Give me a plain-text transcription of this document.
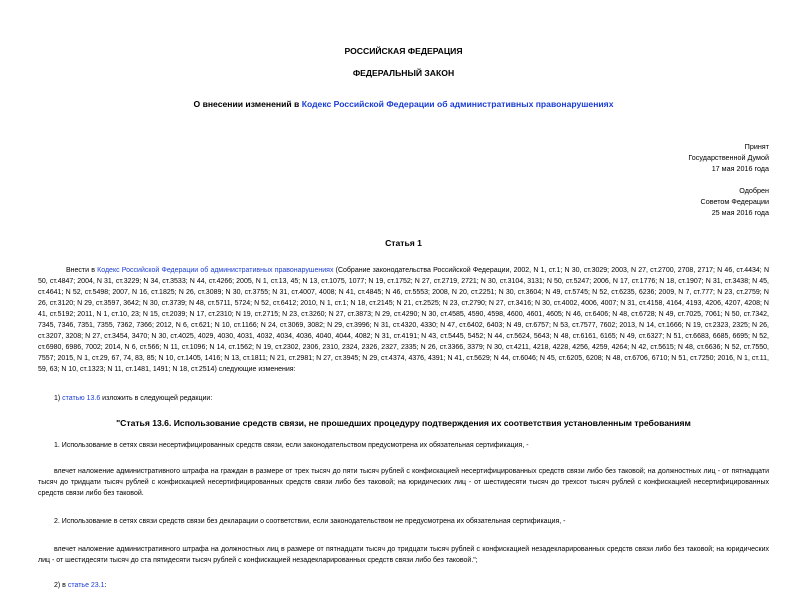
РОССИЙСКАЯ ФЕДЕРАЦИЯ
ФЕДЕРАЛЬНЫЙ ЗАКОН
О внесении изменений в Кодекс Российской Федерации об административных правонарушениях
Принят
Государственной Думой
17 мая 2016 года
Одобрен
Советом Федерации
25 мая 2016 года
Статья 1

Внести в Кодекс Российской Федерации об административных правонарушениях (Собрание законодательства Российской Федерации, 2002, N 1, ст.1; N 30, ст.3029; 2003, N 27, ст.2700, 2708, 2717; N 46, ст.4434; N 50, ст.4847; 2004, N 31, ст.3229; N 34, ст.3533; N 44, ст.4266; 2005, N 1, ст.13, 45; N 13, ст.1075, 1077; N 19, ст.1752; N 27, ст.2719, 2721; N 30, ст.3104, 3131; N 50, ст.5247; 2006, N 17, ст.1776; N 18, ст.1907; N 31, ст.3438; N 45, ст.4641; N 52, ст.5498; 2007, N 16, ст.1825; N 26, ст.3089; N 30, ст.3755; N 31, ст.4007, 4008; N 41, ст.4845; N 46, ст.5553; 2008, N 20, ст.2251; N 30, ст.3604; N 49, ст.5745; N 52, ст.6235, 6236; 2009, N 7, ст.777; N 23, ст.2759; N 26, ст.3120; N 29, ст.3597, 3642; N 30, ст.3739; N 48, ст.5711, 5724; N 52, ст.6412; 2010, N 1, ст.1; N 18, ст.2145; N 21, ст.2525; N 23, ст.2790; N 27, ст.3416; N 30, ст.4002, 4006, 4007; N 31, ст.4158, 4164, 4193, 4206, 4207, 4208; N 41, ст.5192; 2011, N 1, ст.10, 23; N 15, ст.2039; N 17, ст.2310; N 19, ст.2715; N 23, ст.3260; N 27, ст.3873; N 29, ст.4290; N 30, ст.4585, 4590, 4598, 4600, 4601, 4605; N 46, ст.6406; N 48, ст.6728; N 49, ст.7025, 7061; N 50, ст.7342, 7345, 7346, 7351, 7355, 7362, 7366; 2012, N 6, ст.621; N 10, ст.1166; N 24, ст.3069, 3082; N 29, ст.3996; N 31, ст.4320, 4330; N 47, ст.6402, 6403; N 49, ст.6757; N 53, ст.7577, 7602; 2013, N 14, ст.1666; N 19, ст.2323, 2325; N 26, ст.3207, 3208; N 27, ст.3454, 3470; N 30, ст.4025, 4029, 4030, 4031, 4032, 4034, 4036, 4040, 4044, 4082; N 31, ст.4191; N 43, ст.5445, 5452; N 44, ст.5624, 5643; N 48, ст.6161, 6165; N 49, ст.6327; N 51, ст.6683, 6685, 6695; N 52, ст.6980, 6986, 7002; 2014, N 6, ст.566; N 11, ст.1096; N 14, ст.1562; N 19, ст.2302, 2306, 2310, 2324, 2326, 2327, 2335; N 26, ст.3366, 3379; N 30, ст.4211, 4218, 4228, 4256, 4259, 4264; N 42, ст.5615; N 48, ст.6636; N 52, ст.7550, 7557; 2015, N 1, ст.29, 67, 74, 83, 85; N 10, ст.1405, 1416; N 13, ст.1811; N 21, ст.2981; N 27, ст.3945; N 29, ст.4374, 4376, 4391; N 41, ст.5629; N 44, ст.6046; N 45, ст.6205, 6208; N 48, ст.6706, 6710; N 51, ст.7250; 2016, N 1, ст.11, 59, 63; N 10, ст.1323; N 11, ст.1481, 1491; N 18, ст.2514) следующие изменения:

1) статью 13.6 изложить в следующей редакции:

"Статья 13.6. Использование средств связи, не прошедших процедуру подтверждения их соответствия установленным требованиям

1. Использование в сетях связи несертифицированных средств связи, если законодательством предусмотрена их обязательная сертификация, -

влечет наложение административного штрафа на граждан в размере от трех тысяч до пяти тысяч рублей с конфискацией несертифицированных средств связи либо без таковой; на должностных лиц - от пятнадцати тысяч до тридцати тысяч рублей с конфискацией несертифицированных средств связи либо без таковой; на юридических лиц - от шестидесяти тысяч до трехсот тысяч рублей с конфискацией несертифицированных средств связи либо без таковой.

2. Использование в сетях связи средств связи без декларации о соответствии, если законодательством не предусмотрена их обязательная сертификация, -

влечет наложение административного штрафа на должностных лиц в размере от пятнадцати тысяч до тридцати тысяч рублей с конфискацией незадекларированных средств связи либо без таковой; на юридических лиц - от шестидесяти тысяч до ста пятидесяти тысяч рублей с конфискацией незадекларированных средств связи либо без таковой.";

2) в статье 23.1:
